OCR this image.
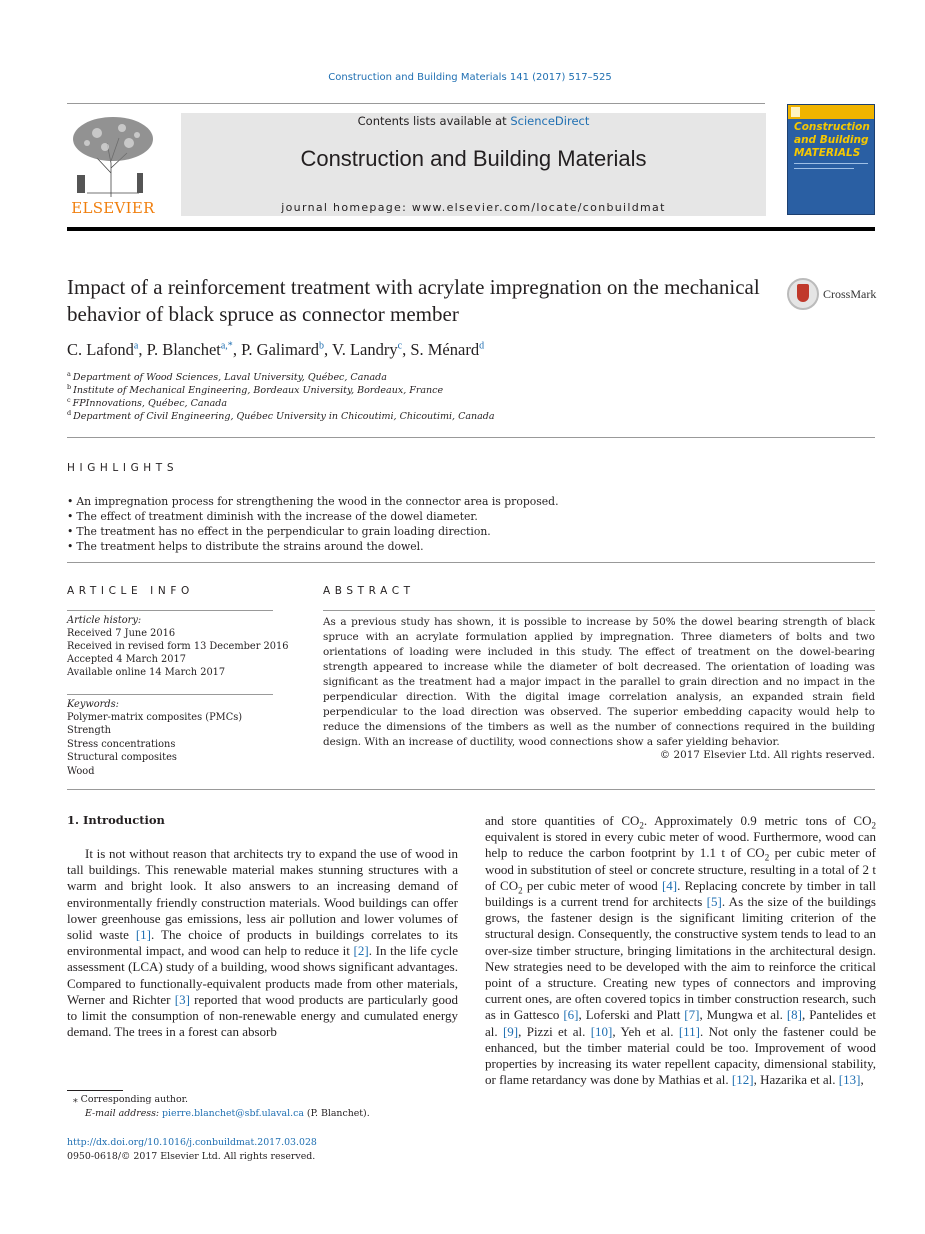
Construction and Building Materials 141 (2017) 517–525
ELSEVIER
Contents lists available at ScienceDirect
Construction and Building Materials
journal homepage: www.elsevier.com/locate/conbuildmat
Construction and Building MATERIALS
Impact of a reinforcement treatment with acrylate impregnation on the mechanical behavior of black spruce as connector member
CrossMark
C. Lafond$^a$, P. Blanchet$^{a,*}$, P. Galimard$^b$, V. Landry$^c$, S. Ménard$^d$
$^a$ Department of Wood Sciences, Laval University, Québec, Canada
$^b$ Institute of Mechanical Engineering, Bordeaux University, Bordeaux, France
$^c$ FPInnovations, Québec, Canada
$^d$ Department of Civil Engineering, Québec University in Chicoutimi, Chicoutimi, Canada
HIGHLIGHTS
• An impregnation process for strengthening the wood in the connector area is proposed.
• The effect of treatment diminish with the increase of the dowel diameter.
• The treatment has no effect in the perpendicular to grain loading direction.
• The treatment helps to distribute the strains around the dowel.
ARTICLE INFO
Article history:
Received 7 June 2016
Received in revised form 13 December 2016
Accepted 4 March 2017
Available online 14 March 2017
Keywords:
Polymer-matrix composites (PMCs)
Strength
Stress concentrations
Structural composites
Wood
ABSTRACT
As a previous study has shown, it is possible to increase by 50% the dowel bearing strength of black spruce with an acrylate formulation applied by impregnation. Three diameters of bolts and two orientations of loading were included in this study. The effect of treatment on the dowel-bearing strength appeared to increase while the diameter of bolt decreased. The orientation of loading was significant as the treatment had a major impact in the parallel to grain direction and no impact in the perpendicular direction. With the digital image correlation analysis, an expanded strain field perpendicular to the load direction was observed. The superior embedding capacity would help to reduce the dimensions of the timbers as well as the number of connections required in the building design. With an increase of ductility, wood connections show a safer yielding behavior.
© 2017 Elsevier Ltd. All rights reserved.
1. Introduction

It is not without reason that architects try to expand the use of wood in tall buildings. This renewable material makes stunning structures with a warm and bright look. It also answers to an increasing demand of environmentally friendly construction materials. Wood buildings can offer lower greenhouse gas emissions, less air pollution and lower volumes of solid waste [1]. The choice of products in buildings correlates to its environmental impact, and wood can help to reduce it [2]. In the life cycle assessment (LCA) study of a building, wood shows significant advantages. Compared to functionally-equivalent products made from other materials, Werner and Richter [3] reported that wood products are particularly good to limit the consumption of non-renewable energy and cumulated energy demand. The trees in a forest can absorb

and store quantities of $CO_2$. Approximately 0.9 metric tons of $CO_2$ equivalent is stored in every cubic meter of wood. Furthermore, wood can help to reduce the carbon footprint by 1.1 t of $CO_2$ per cubic meter of wood in substitution of steel or concrete structure, resulting in a total of 2 t of $CO_2$ per cubic meter of wood [4]. Replacing concrete by timber in tall buildings is a current trend for architects [5]. As the size of the buildings grows, the fastener design is the significant limiting criterion of the structural design. Consequently, the constructive system tends to lead to an over-size timber structure, bringing limitations in the architectural design. New strategies need to be developed with the aim to reinforce the critical point of a structure. Creating new types of connectors and improving current ones, are often covered topics in timber construction research, such as in Gattesco [6], Loferski and Platt [7], Mungwa et al. [8], Pantelides et al. [9], Pizzi et al. [10], Yeh et al. [11]. Not only the fastener could be enhanced, but the timber material could be too. Improvement of wood properties by increasing its water repellent capacity, dimensional stability, or flame retardancy was done by Mathias et al. [12], Hazarika et al. [13],

⁎ Corresponding author.
E-mail address: pierre.blanchet@sbf.ulaval.ca (P. Blanchet).
http://dx.doi.org/10.1016/j.conbuildmat.2017.03.028
0950-0618/© 2017 Elsevier Ltd. All rights reserved.
